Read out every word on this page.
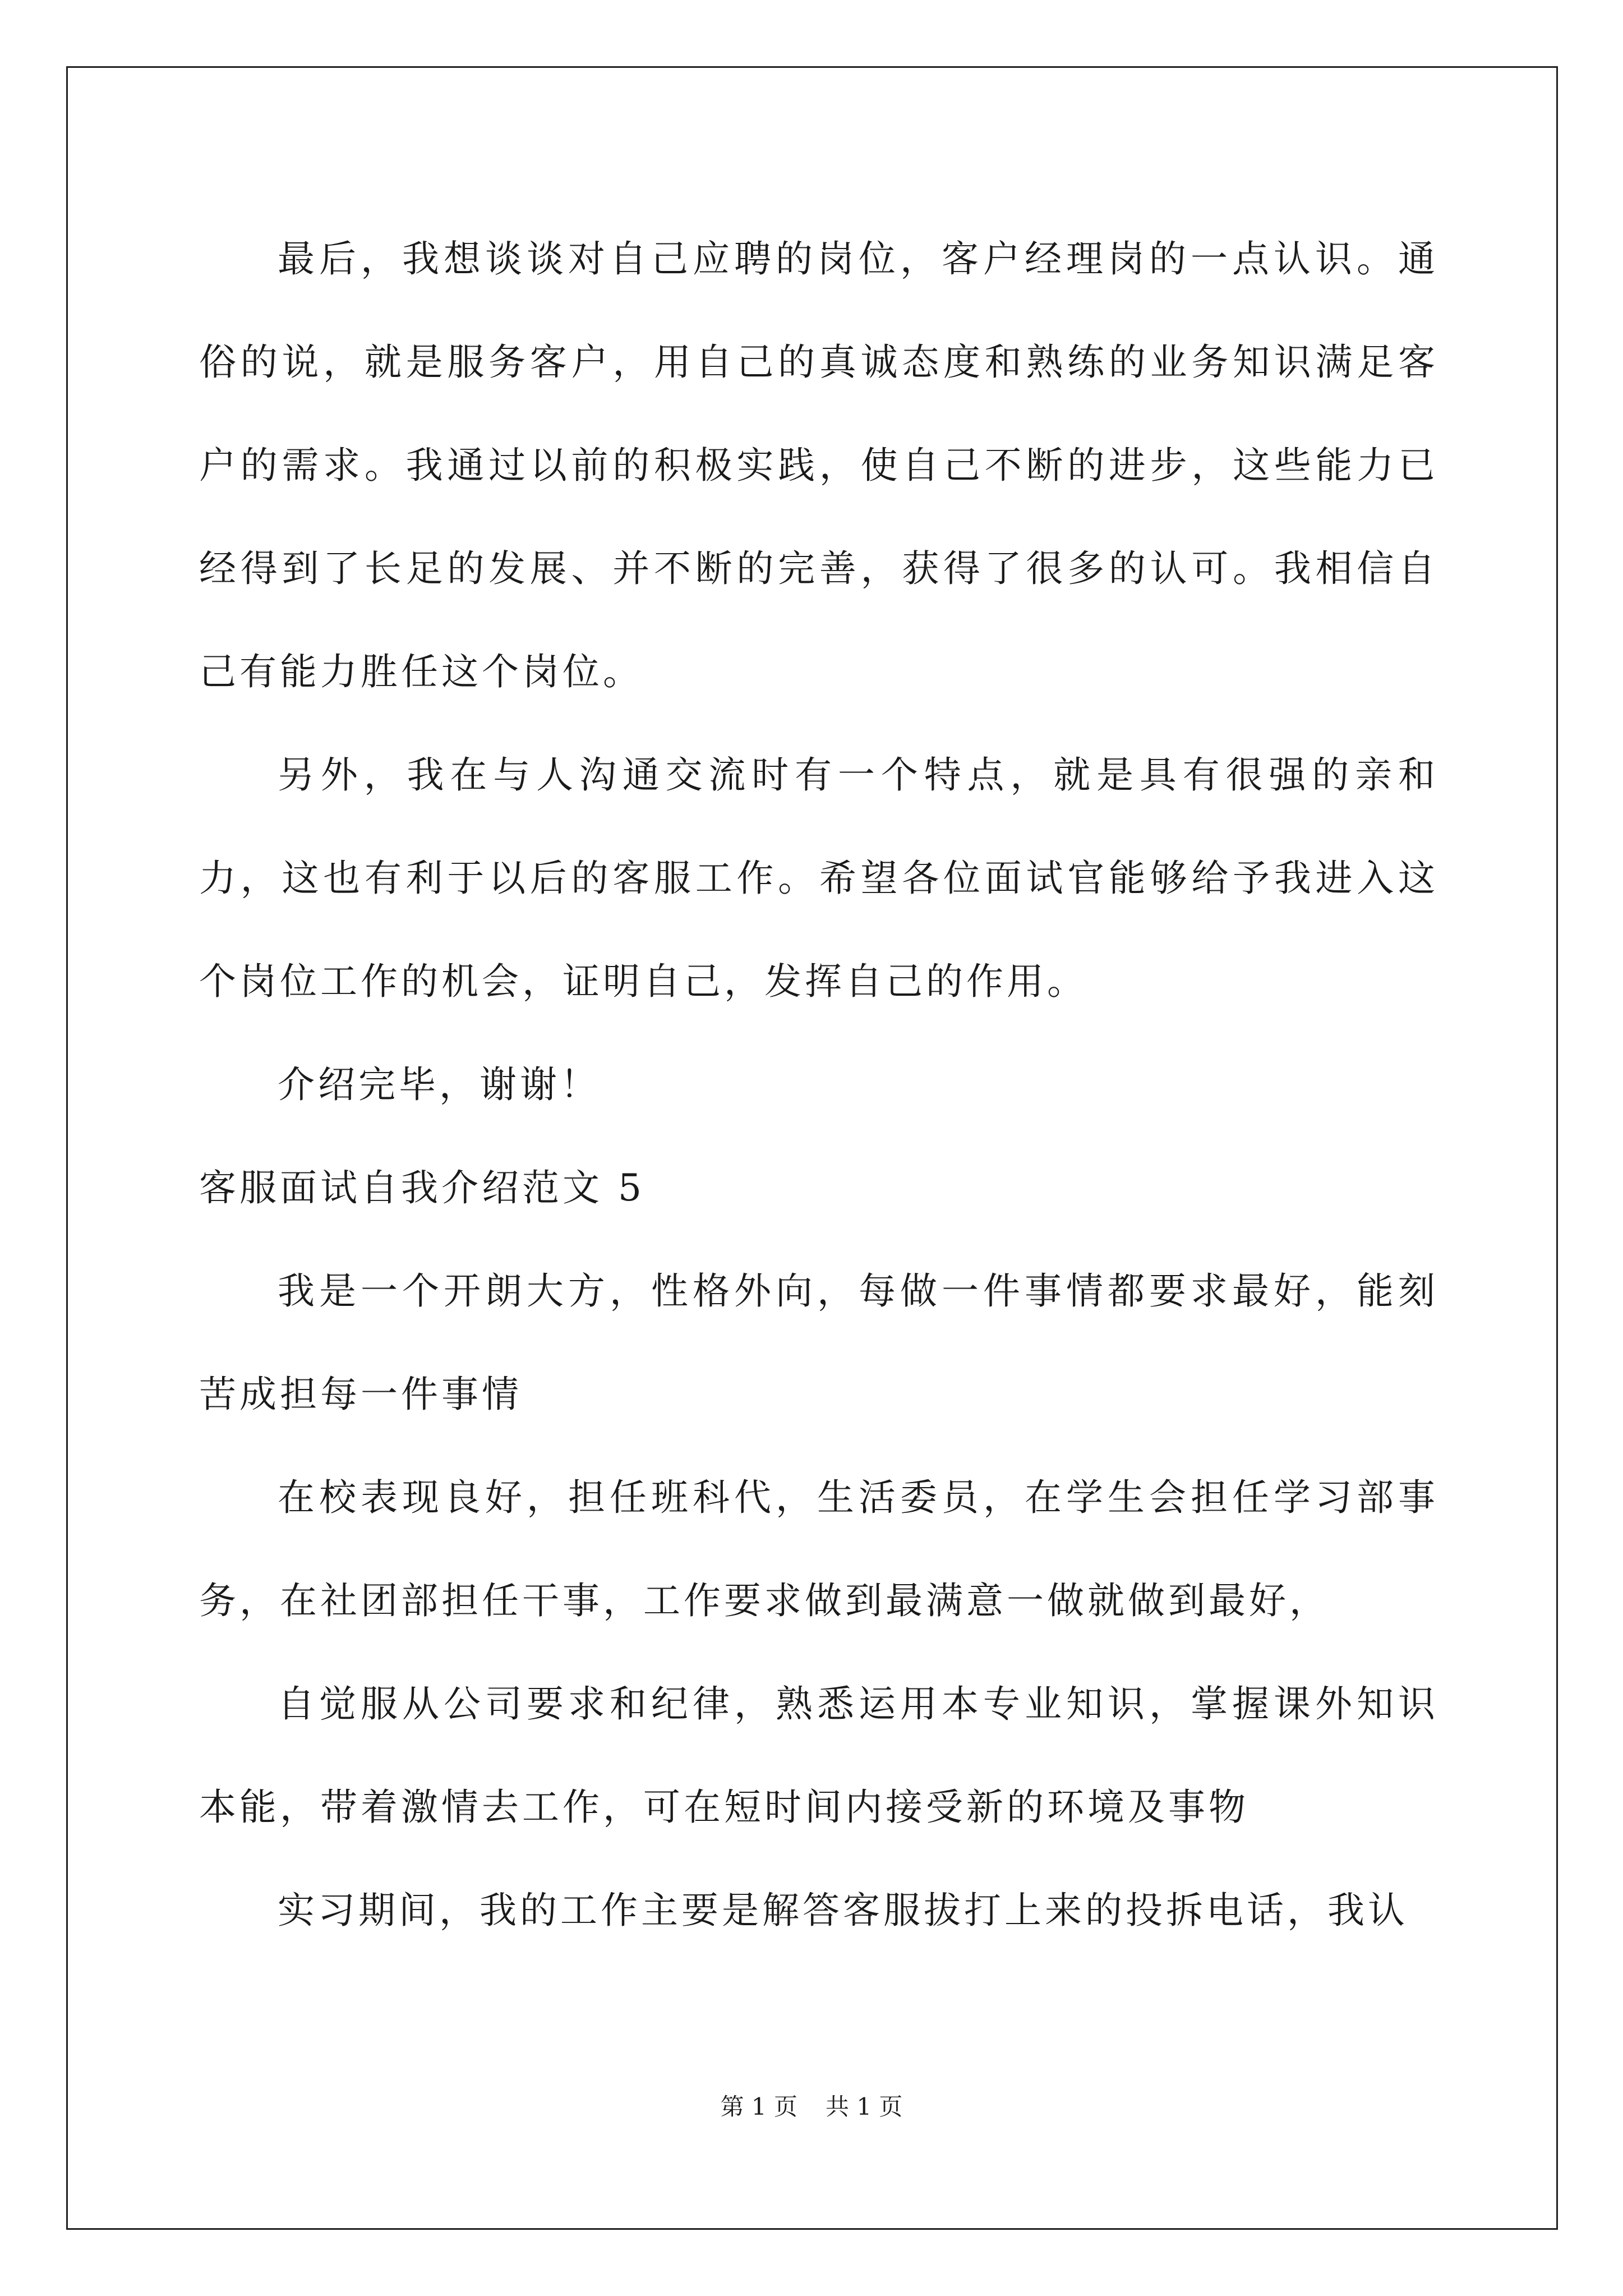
最后，我想谈谈对自己应聘的岗位，客户经理岗的一点认识。通俗的说，就是服务客户，用自己的真诚态度和熟练的业务知识满足客户的需求。我通过以前的积极实践，使自己不断的进步，这些能力已经得到了长足的发展、并不断的完善，获得了很多的认可。我相信自己有能力胜任这个岗位。

另外，我在与人沟通交流时有一个特点，就是具有很强的亲和力，这也有利于以后的客服工作。希望各位面试官能够给予我进入这个岗位工作的机会，证明自己，发挥自己的作用。

介绍完毕，谢谢！

客服面试自我介绍范文 5

我是一个开朗大方，性格外向，每做一件事情都要求最好，能刻苦成担每一件事情

在校表现良好，担任班科代，生活委员，在学生会担任学习部事务，在社团部担任干事，工作要求做到最满意一做就做到最好，

自觉服从公司要求和纪律，熟悉运用本专业知识，掌握课外知识本能，带着激情去工作，可在短时间内接受新的环境及事物

实习期间，我的工作主要是解答客服拔打上来的投拆电话，我认

第 1 页 共 1 页
